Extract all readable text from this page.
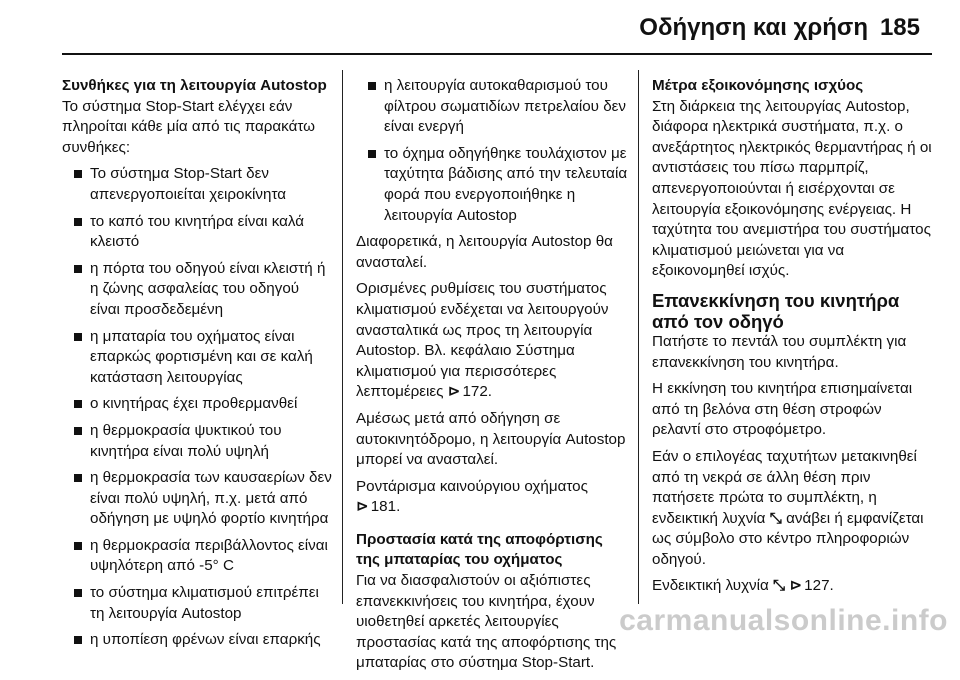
Οδήγηση και χρήση 185
Συνθήκες για τη λειτουργία Autostop

Το σύστημα Stop-Start ελέγχει εάν πληροίται κάθε μία από τις παρακάτω συνθήκες:

Το σύστημα Stop-Start δεν απενεργοποιείται χειροκίνητα
το καπό του κινητήρα είναι καλά κλειστό
η πόρτα του οδηγού είναι κλειστή ή η ζώνης ασφαλείας του οδηγού είναι προσδεδεμένη
η μπαταρία του οχήματος είναι επαρκώς φορτισμένη και σε καλή κατάσταση λειτουργίας
ο κινητήρας έχει προθερμανθεί
η θερμοκρασία ψυκτικού του κινητήρα είναι πολύ υψηλή
η θερμοκρασία των καυσαερίων δεν είναι πολύ υψηλή, π.χ. μετά από οδήγηση με υψηλό φορτίο κινητήρα
η θερμοκρασία περιβάλλοντος είναι υψηλότερη από -5° C
το σύστημα κλιματισμού επιτρέπει τη λειτουργία Autostop
η υποπίεση φρένων είναι επαρκής
η λειτουργία αυτοκαθαρισμού του φίλτρου σωματιδίων πετρελαίου δεν είναι ενεργή
το όχημα οδηγήθηκε τουλάχιστον με ταχύτητα βάδισης από την τελευταία φορά που ενεργοποιήθηκε η λειτουργία Autostop

Διαφορετικά, η λειτουργία Autostop θα ανασταλεί.

Ορισμένες ρυθμίσεις του συστήματος κλιματισμού ενδέχεται να λειτουργούν ανασταλτικά ως προς τη λειτουργία Autostop. Βλ. κεφάλαιο Σύστημα κλιματισμού για περισσότερες λεπτομέρειες ⊳ 172.

Αμέσως μετά από οδήγηση σε αυτοκινητόδρομο, η λειτουργία Autostop μπορεί να ανασταλεί.

Ροντάρισμα καινούργιου οχήματος
⊳ 181.

Προστασία κατά της αποφόρτισης της μπαταρίας του οχήματος

Για να διασφαλιστούν οι αξιόπιστες επανεκκινήσεις του κινητήρα, έχουν υιοθετηθεί αρκετές λειτουργίες προστασίας κατά της αποφόρτισης της μπαταρίας στο σύστημα Stop-Start.

Μέτρα εξοικονόμησης ισχύος

Στη διάρκεια της λειτουργίας Autostop, διάφορα ηλεκτρικά συστήματα, π.χ. ο ανεξάρτητος ηλεκτρικός θερμαντήρας ή οι αντιστάσεις του πίσω παρμπρίζ, απενεργοποιούνται ή εισέρχονται σε λειτουργία εξοικονόμησης ενέργειας. Η ταχύτητα του ανεμιστήρα του συστήματος κλιματισμού μειώνεται για να εξοικονομηθεί ισχύς.

Επανεκκίνηση του κινητήρα από τον οδηγό

Πατήστε το πεντάλ του συμπλέκτη για επανεκκίνηση του κινητήρα.

Η εκκίνηση του κινητήρα επισημαίνεται από τη βελόνα στη θέση στροφών ρελαντί στο στροφόμετρο.

Εάν ο επιλογέας ταχυτήτων μετακινηθεί από τη νεκρά σε άλλη θέση πριν πατήσετε πρώτα το συμπλέκτη, η ενδεικτική λυχνία ⤡ ανάβει ή εμφανίζεται ως σύμβολο στο κέντρο πληροφοριών οδηγού.

Ενδεικτική λυχνία ⤡ ⊳ 127.

carmanualsonline.info
